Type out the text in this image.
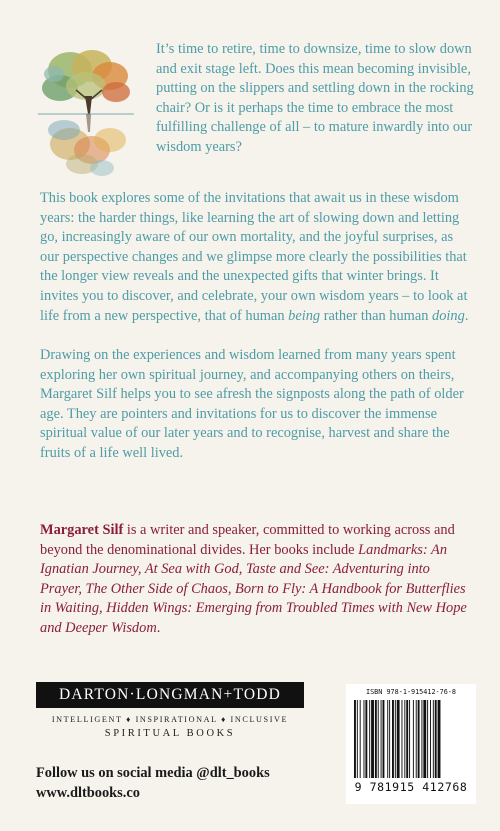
It’s time to retire, time to downsize, time to slow down and exit stage left. Does this mean becoming invisible, putting on the slippers and settling down in the rocking chair? Or is it perhaps the time to embrace the most fulfilling challenge of all – to mature inwardly into our wisdom years?

This book explores some of the invitations that await us in these wisdom years: the harder things, like learning the art of slowing down and letting go, increasingly aware of our own mortality, and the joyful surprises, as our perspective changes and we glimpse more clearly the possibilities that the longer view reveals and the unexpected gifts that winter brings. It invites you to discover, and celebrate, your own wisdom years – to look at life from a new perspective, that of human being rather than human doing.

Drawing on the experiences and wisdom learned from many years spent exploring her own spiritual journey, and accompanying others on theirs, Margaret Silf helps you to see afresh the signposts along the path of older age. They are pointers and invitations for us to discover the immense spiritual value of our later years and to recognise, harvest and share the fruits of a life well lived.

Margaret Silf is a writer and speaker, committed to working across and beyond the denominational divides. Her books include Landmarks: An Ignatian Journey, At Sea with God, Taste and See: Adventuring into Prayer, The Other Side of Chaos, Born to Fly: A Handbook for Butterflies in Waiting, Hidden Wings: Emerging from Troubled Times with New Hope and Deeper Wisdom.

DARTON·LONGMAN+TODD
INTELLIGENT ♦ INSPIRATIONAL ♦ INCLUSIVE
SPIRITUAL BOOKS
Follow us on social media @dlt_books
www.dltbooks.co
ISBN 978-1-915412-76-8
9 781915 412768
